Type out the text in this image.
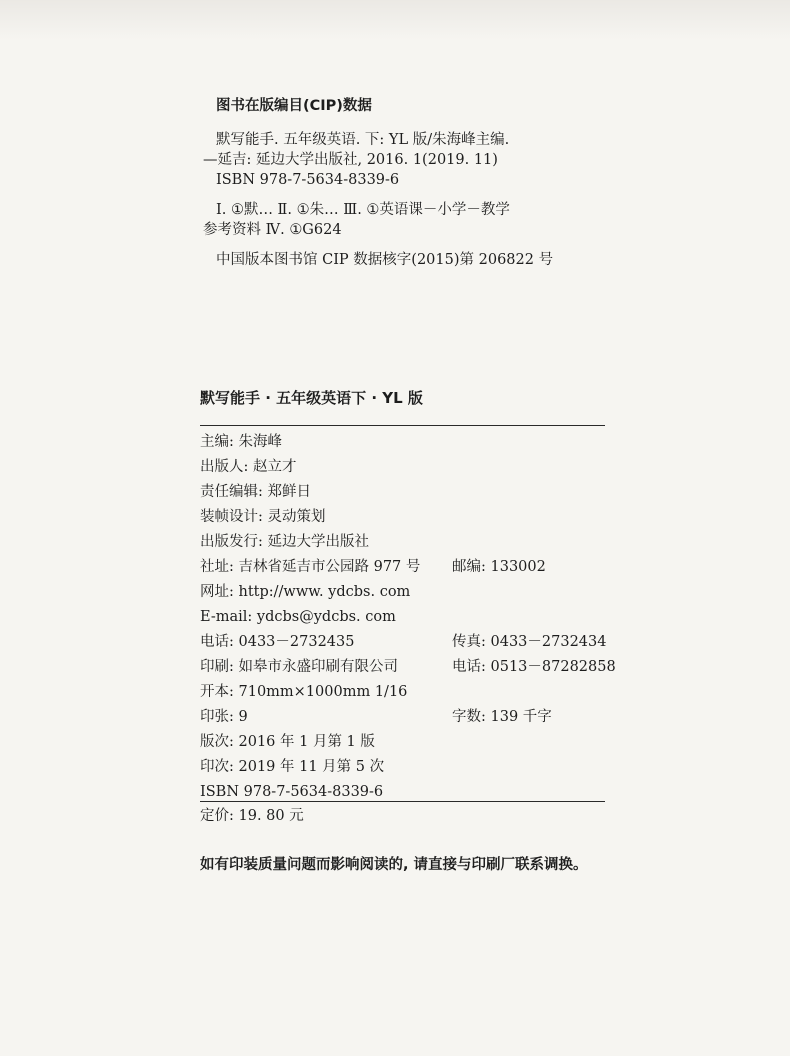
图书在版编目(CIP)数据
默写能手. 五年级英语. 下: YL 版/朱海峰主编.
—延吉: 延边大学出版社, 2016. 1(2019. 11)
ISBN 978-7-5634-8339-6
Ⅰ. ①默… Ⅱ. ①朱… Ⅲ. ①英语课－小学－教学
参考资料 Ⅳ. ①G624
中国版本图书馆 CIP 数据核字(2015)第 206822 号
默写能手 · 五年级英语下 · YL 版
主编: 朱海峰
出版人: 赵立才
责任编辑: 郑鲜日
装帧设计: 灵动策划
出版发行: 延边大学出版社
社址: 吉林省延吉市公园路 977 号 邮编: 133002
网址: http://www. ydcbs. com
E-mail: ydcbs@ydcbs. com
电话: 0433－2732435	传真: 0433－2732434
印刷: 如皋市永盛印刷有限公司	电话: 0513－87282858
开本: 710mm×1000mm 1/16
印张: 9	字数: 139 千字
版次: 2016 年 1 月第 1 版
印次: 2019 年 11 月第 5 次
ISBN 978-7-5634-8339-6
定价: 19. 80 元
如有印装质量问题而影响阅读的, 请直接与印刷厂联系调换。
